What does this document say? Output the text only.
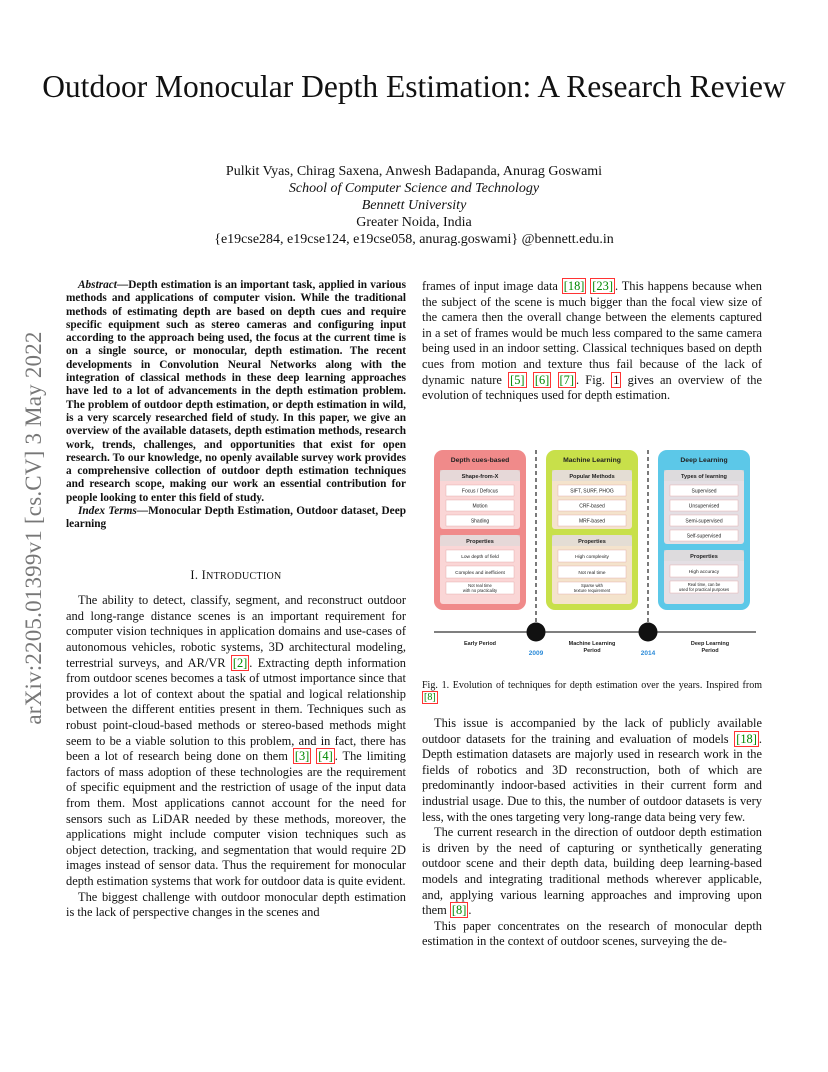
Outdoor Monocular Depth Estimation: A Research Review
Pulkit Vyas, Chirag Saxena, Anwesh Badapanda, Anurag Goswami
School of Computer Science and Technology
Bennett University
Greater Noida, India
{e19cse284, e19cse124, e19cse058, anurag.goswami} @bennett.edu.in
arXiv:2205.01399v1 [cs.CV] 3 May 2022
Abstract—Depth estimation is an important task, applied in various methods and applications of computer vision. While the traditional methods of estimating depth are based on depth cues and require specific equipment such as stereo cameras and configuring input according to the approach being used, the focus at the current time is on a single source, or monocular, depth estimation. The recent developments in Convolution Neural Networks along with the integration of classical methods in these deep learning approaches have led to a lot of advancements in the depth estimation problem. The problem of outdoor depth estimation, or depth estimation in wild, is a very scarcely researched field of study. In this paper, we give an overview of the available datasets, depth estimation methods, research work, trends, challenges, and opportunities that exist for open research. To our knowledge, no openly available survey work provides a comprehensive collection of outdoor depth estimation techniques and research scope, making our work an essential contribution for people looking to enter this field of study.
Index Terms—Monocular Depth Estimation, Outdoor dataset, Deep learning
I. INTRODUCTION

The ability to detect, classify, segment, and reconstruct outdoor and long-range distance scenes is an important requirement for computer vision techniques in application domains and use-cases of autonomous vehicles, robotic systems, 3D architectural modeling, terrestrial surveys, and AR/VR [2] . Extracting depth information from outdoor scenes becomes a task of utmost importance since that provides a lot of context about the spatial and logical relationship between the different entities present in them. Techniques such as robust point-cloud-based methods or stereo-based methods might seem to be a viable solution to this problem, and in fact, there has been a lot of research being done on them [3] [4] . The limiting factors of mass adoption of these technologies are the requirement of specific equipment and the restriction of usage of the input data from them. Most applications cannot account for the need for sensors such as LiDAR needed by these methods, moreover, the applications might include computer vision techniques such as object detection, tracking, and segmentation that would require 2D images instead of sensor data. Thus the requirement for monocular depth estimation systems that work for outdoor data is quite evident.

The biggest challenge with outdoor monocular depth estimation is the lack of perspective changes in the scenes and

frames of input image data [18] [23] . This happens because when the subject of the scene is much bigger than the focal view size of the camera then the overall change between the elements captured in a set of frames would be much less compared to the same camera being used in an indoor setting. Classical techniques based on depth cues from motion and texture thus fail because of the lack of dynamic nature [5] [6] [7] . Fig. 1 gives an overview of the evolution of techniques used for depth estimation.

Depth cues-based
Shape-from-X
Focus / Defocus
Motion
Shading
Properties
Low depth of field
Complex and inefficient
Not real time
with no practicality
Machine Learning
Popular Methods
SIFT, SURF, PHOG
CRF-based
MRF-based
Properties
High complexity
Not real time
Sparse with
texture requirement
Deep Learning
Types of learning
Supervised
Unsupervised
Semi-supervised
Self-supervised
Properties
High accuracy
Real time, can be
used for practical purposes
2009	2014
Early Period	Machine Learning
Period
Deep Learning
Period
Fig. 1. Evolution of techniques for depth estimation over the years. Inspired from [8]

This issue is accompanied by the lack of publicly available outdoor datasets for the training and evaluation of models [18] . Depth estimation datasets are majorly used in research work in the fields of robotics and 3D reconstruction, both of which are predominantly indoor-based activities in their current form and industrial usage. Due to this, the number of outdoor datasets is very less, with the ones targeting very long-range data being very few.

The current research in the direction of outdoor depth estimation is driven by the need of capturing or synthetically generating outdoor scene and their depth data, building deep learning-based models and integrating traditional methods wherever applicable, and, applying various learning approaches and improving upon them [8] .

This paper concentrates on the research of monocular depth estimation in the context of outdoor scenes, surveying the de-
